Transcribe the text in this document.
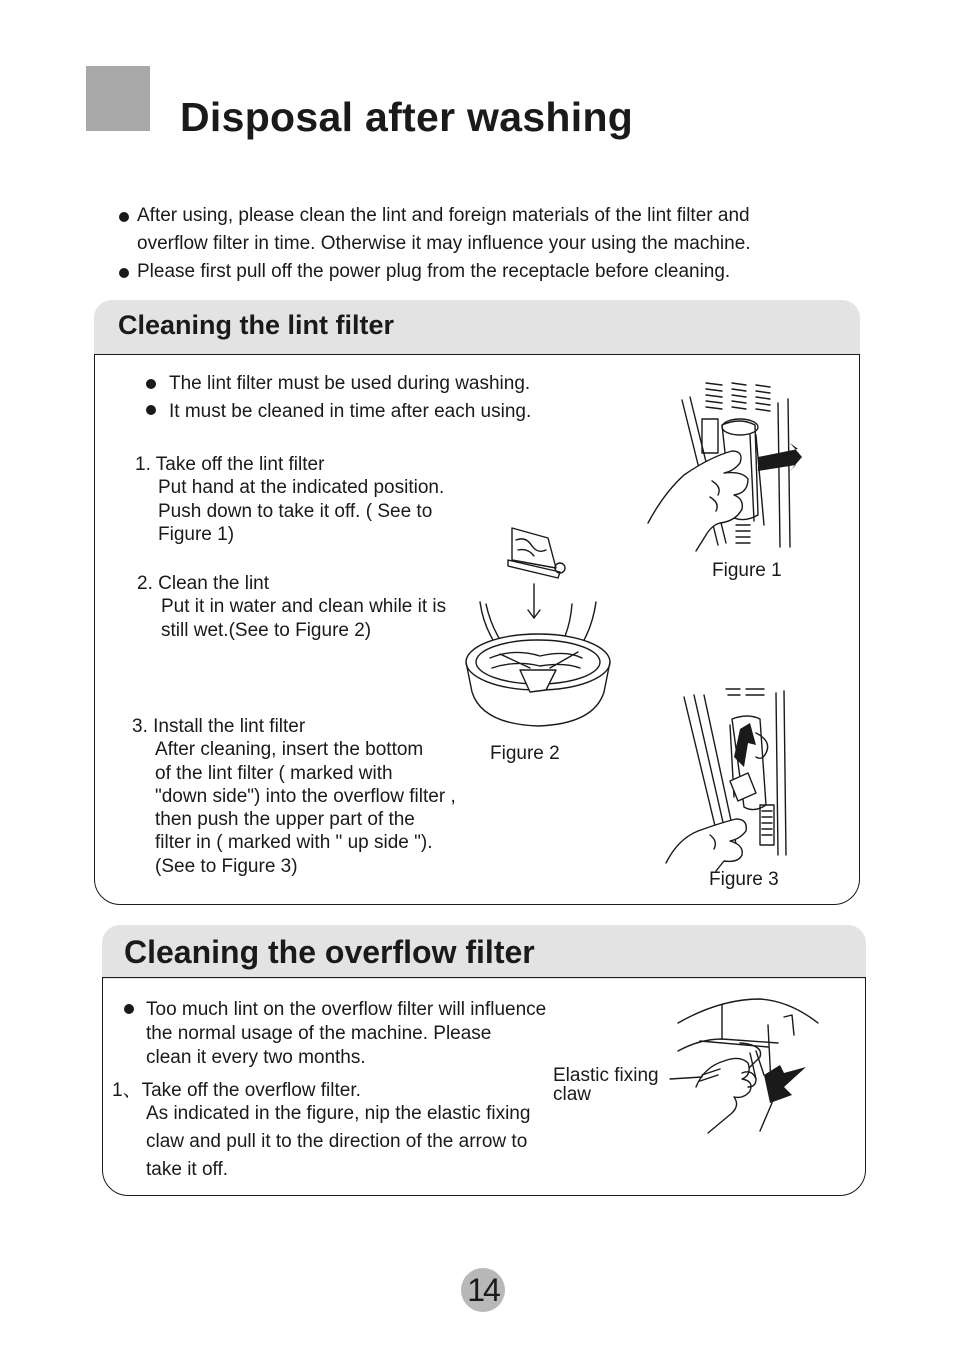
Disposal after washing
After using, please clean the lint and foreign materials of the lint filter and
overflow filter in time. Otherwise it may influence your using the machine.
Please first pull off the power plug from the receptacle before cleaning.
Cleaning the lint filter
The lint filter must be used during washing.
It must be cleaned in time after each using.
1. Take off the lint filter
Put hand at the indicated position.
Push down to take it off. ( See to
Figure 1)
2. Clean the lint
Put it in water and clean while it is
still wet.(See to Figure 2)
3. Install the lint filter
After cleaning, insert the bottom
of the lint filter ( marked with
"down side") into the overflow filter ,
then push the upper part of the
filter in ( marked with " up side ").
(See to Figure 3)
Figure 1
Figure 2
Figure 3
Cleaning the overflow filter
Too much lint on the overflow filter will influence
the normal usage of the machine. Please
clean it every two months.
1、Take off the overflow filter.
As indicated in the figure, nip the elastic fixing
claw and pull it to the direction of the arrow to
take it off.
Elastic fixing
claw
14
